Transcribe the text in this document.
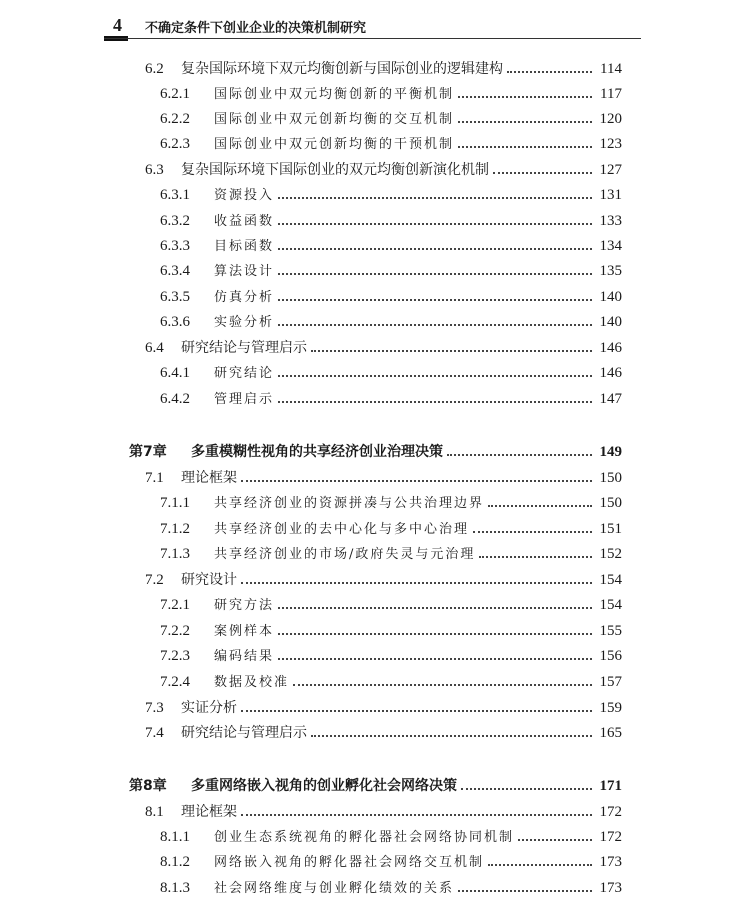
4 不确定条件下创业企业的决策机制研究
6.2	复杂国际环境下双元均衡创新与国际创业的逻辑建构	114
6.2.1	国际创业中双元均衡创新的平衡机制	117
6.2.2	国际创业中双元创新均衡的交互机制	120
6.2.3	国际创业中双元创新均衡的干预机制	123
6.3	复杂国际环境下国际创业的双元均衡创新演化机制	127
6.3.1	资源投入	131
6.3.2	收益函数	133
6.3.3	目标函数	134
6.3.4	算法设计	135
6.3.5	仿真分析	140
6.3.6	实验分析	140
6.4	研究结论与管理启示	146
6.4.1	研究结论	146
6.4.2	管理启示	147
第7章	多重模糊性视角的共享经济创业治理决策	149
7.1	理论框架	150
7.1.1	共享经济创业的资源拼凑与公共治理边界	150
7.1.2	共享经济创业的去中心化与多中心治理	151
7.1.3	共享经济创业的市场/政府失灵与元治理	152
7.2	研究设计	154
7.2.1	研究方法	154
7.2.2	案例样本	155
7.2.3	编码结果	156
7.2.4	数据及校准	157
7.3	实证分析	159
7.4	研究结论与管理启示	165
第8章	多重网络嵌入视角的创业孵化社会网络决策	171
8.1	理论框架	172
8.1.1	创业生态系统视角的孵化器社会网络协同机制	172
8.1.2	网络嵌入视角的孵化器社会网络交互机制	173
8.1.3	社会网络维度与创业孵化绩效的关系	173
